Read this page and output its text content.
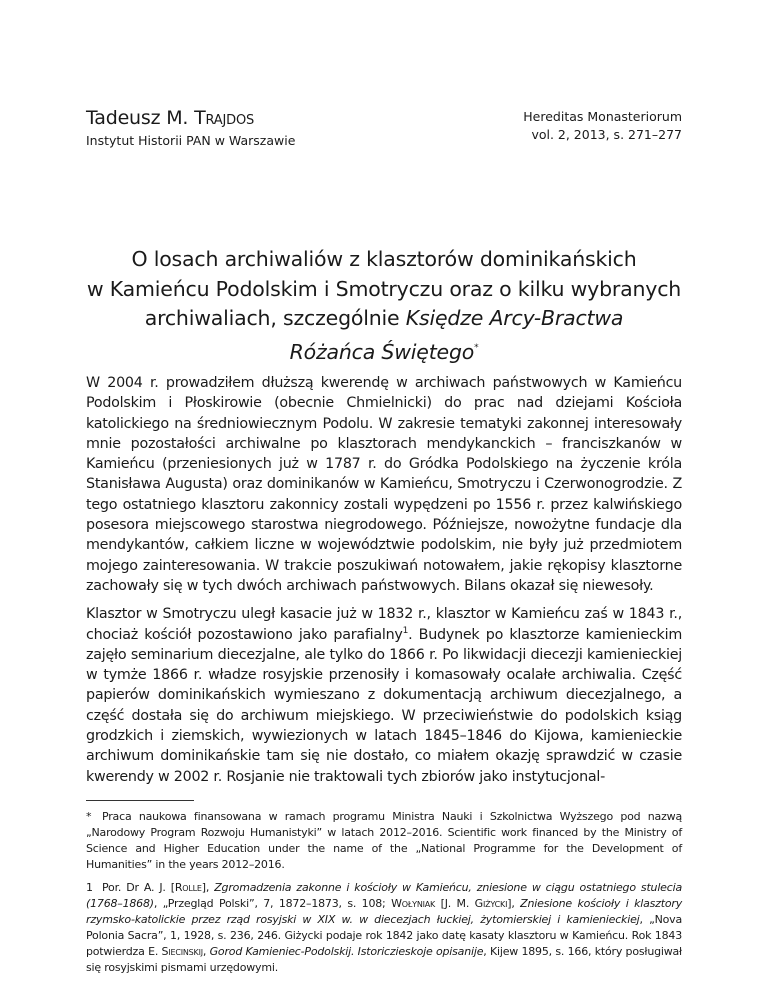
Tadeusz M. Trajdos
Instytut Historii PAN w Warszawie
Hereditas Monasteriorum
vol. 2, 2013, s. 271–277
O losach archiwaliów z klasztorów dominikańskich
w Kamieńcu Podolskim i Smotryczu oraz o kilku wybranych
archiwaliach, szczególnie Księdze Arcy-Bractwa
Różańca Świętego*

W 2004 r. prowadziłem dłuższą kwerendę w archiwach państwowych w Kamieńcu Podolskim i Płoskirowie (obecnie Chmielnicki) do prac nad dziejami Kościoła katolickiego na średniowiecznym Podolu. W zakresie tematyki zakonnej interesowały mnie pozostałości archiwalne po klasztorach mendykanckich – franciszkanów w Kamieńcu (przeniesionych już w 1787 r. do Gródka Podolskiego na życzenie króla Stanisława Augusta) oraz dominikanów w Kamieńcu, Smotryczu i Czerwonogrodzie. Z tego ostatniego klasztoru zakonnicy zostali wypędzeni po 1556 r. przez kalwińskiego posesora miejscowego starostwa niegrodowego. Późniejsze, nowożytne fundacje dla mendykantów, całkiem liczne w województwie podolskim, nie były już przedmiotem mojego zainteresowania. W trakcie poszukiwań notowałem, jakie rękopisy klasztorne zachowały się w tych dwóch archiwach państwowych. Bilans okazał się niewesoły.

Klasztor w Smotryczu uległ kasacie już w 1832 r., klasztor w Kamieńcu zaś w 1843 r., chociaż kościół pozostawiono jako parafialny$^1$. Budynek po klasztorze kamienieckim zajęło seminarium diecezjalne, ale tylko do 1866 r. Po likwidacji diecezji kamienieckiej w tymże 1866 r. władze rosyjskie przenosiły i komasowały ocalałe archiwalia. Część papierów dominikańskich wymieszano z dokumentacją archiwum diecezjalnego, a część dostała się do archiwum miejskiego. W przeciwieństwie do podolskich ksiąg grodzkich i ziemskich, wywiezionych w latach 1845–1846 do Kijowa, kamienieckie archiwum dominikańskie tam się nie dostało, co miałem okazję sprawdzić w czasie kwerendy w 2002 r. Rosjanie nie traktowali tych zbiorów jako instytucjonal-

* Praca naukowa finansowana w ramach programu Ministra Nauki i Szkolnictwa Wyższego pod nazwą „Narodowy Program Rozwoju Humanistyki” w latach 2012–2016. Scientific work financed by the Ministry of Science and Higher Education under the name of the „National Programme for the Development of Humanities” in the years 2012–2016.

1 Por. Dr A. J. [Rolle], Zgromadzenia zakonne i kościoły w Kamieńcu, zniesione w ciągu ostatniego stulecia (1768–1868), „Przegląd Polski”, 7, 1872–1873, s. 108; Wołyniak [J. M. Giżycki], Zniesione kościoły i klasztory rzymsko-katolickie przez rząd rosyjski w XIX w. w diecezjach łuckiej, żytomierskiej i kamienieckiej, „Nova Polonia Sacra”, 1, 1928, s. 236, 246. Giżycki podaje rok 1842 jako datę kasaty klasztoru w Kamieńcu. Rok 1843 potwierdza E. Siecinskij, Gorod Kamieniec-Podolskij. Istoriczieskoje opisanije, Kijew 1895, s. 166, który posługiwał się rosyjskimi pismami urzędowymi.
